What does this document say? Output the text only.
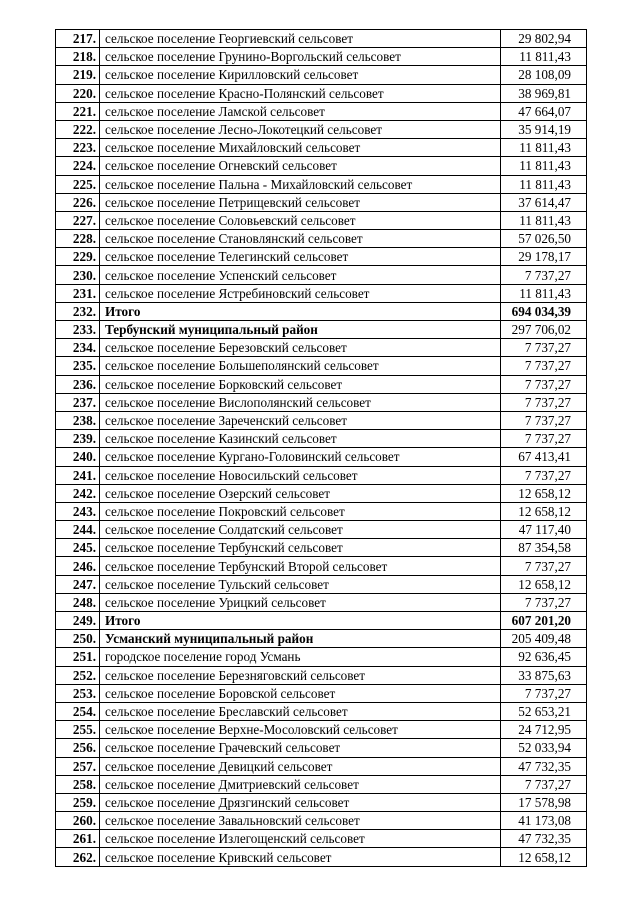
217.	сельское поселение Георгиевский сельсовет	29 802,94
218.	сельское поселение Грунино-Воргольский сельсовет	11 811,43
219.	сельское поселение Кирилловский сельсовет	28 108,09
220.	сельское поселение Красно-Полянский сельсовет	38 969,81
221.	сельское поселение Ламской сельсовет	47 664,07
222.	сельское поселение Лесно-Локотецкий сельсовет	35 914,19
223.	сельское поселение Михайловский сельсовет	11 811,43
224.	сельское поселение Огневский сельсовет	11 811,43
225.	сельское поселение Пальна - Михайловский сельсовет	11 811,43
226.	сельское поселение Петрищевский сельсовет	37 614,47
227.	сельское поселение Соловьевский сельсовет	11 811,43
228.	сельское поселение Становлянский сельсовет	57 026,50
229.	сельское поселение Телегинский сельсовет	29 178,17
230.	сельское поселение Успенский сельсовет	7 737,27
231.	сельское поселение Ястребиновский сельсовет	11 811,43
232.	Итого	694 034,39
233.	Тербунский муниципальный район	297 706,02
234.	сельское поселение Березовский сельсовет	7 737,27
235.	сельское поселение Большеполянский сельсовет	7 737,27
236.	сельское поселение Борковский сельсовет	7 737,27
237.	сельское поселение Вислополянский сельсовет	7 737,27
238.	сельское поселение Зареченский сельсовет	7 737,27
239.	сельское поселение Казинский сельсовет	7 737,27
240.	сельское поселение Кургано-Головинский сельсовет	67 413,41
241.	сельское поселение Новосильский сельсовет	7 737,27
242.	сельское поселение Озерский сельсовет	12 658,12
243.	сельское поселение Покровский сельсовет	12 658,12
244.	сельское поселение Солдатский сельсовет	47 117,40
245.	сельское поселение Тербунский сельсовет	87 354,58
246.	сельское поселение Тербунский Второй сельсовет	7 737,27
247.	сельское поселение Тульский сельсовет	12 658,12
248.	сельское поселение Урицкий сельсовет	7 737,27
249.	Итого	607 201,20
250.	Усманский муниципальный район	205 409,48
251.	городское поселение город Усмань	92 636,45
252.	сельское поселение Березняговский сельсовет	33 875,63
253.	сельское поселение Боровской сельсовет	7 737,27
254.	сельское поселение Бреславский сельсовет	52 653,21
255.	сельское поселение Верхне-Мосоловский сельсовет	24 712,95
256.	сельское поселение Грачевский сельсовет	52 033,94
257.	сельское поселение Девицкий сельсовет	47 732,35
258.	сельское поселение Дмитриевский сельсовет	7 737,27
259.	сельское поселение Дрязгинский сельсовет	17 578,98
260.	сельское поселение Завальновский сельсовет	41 173,08
261.	сельское поселение Излегощенский сельсовет	47 732,35
262.	сельское поселение Кривский сельсовет	12 658,12
